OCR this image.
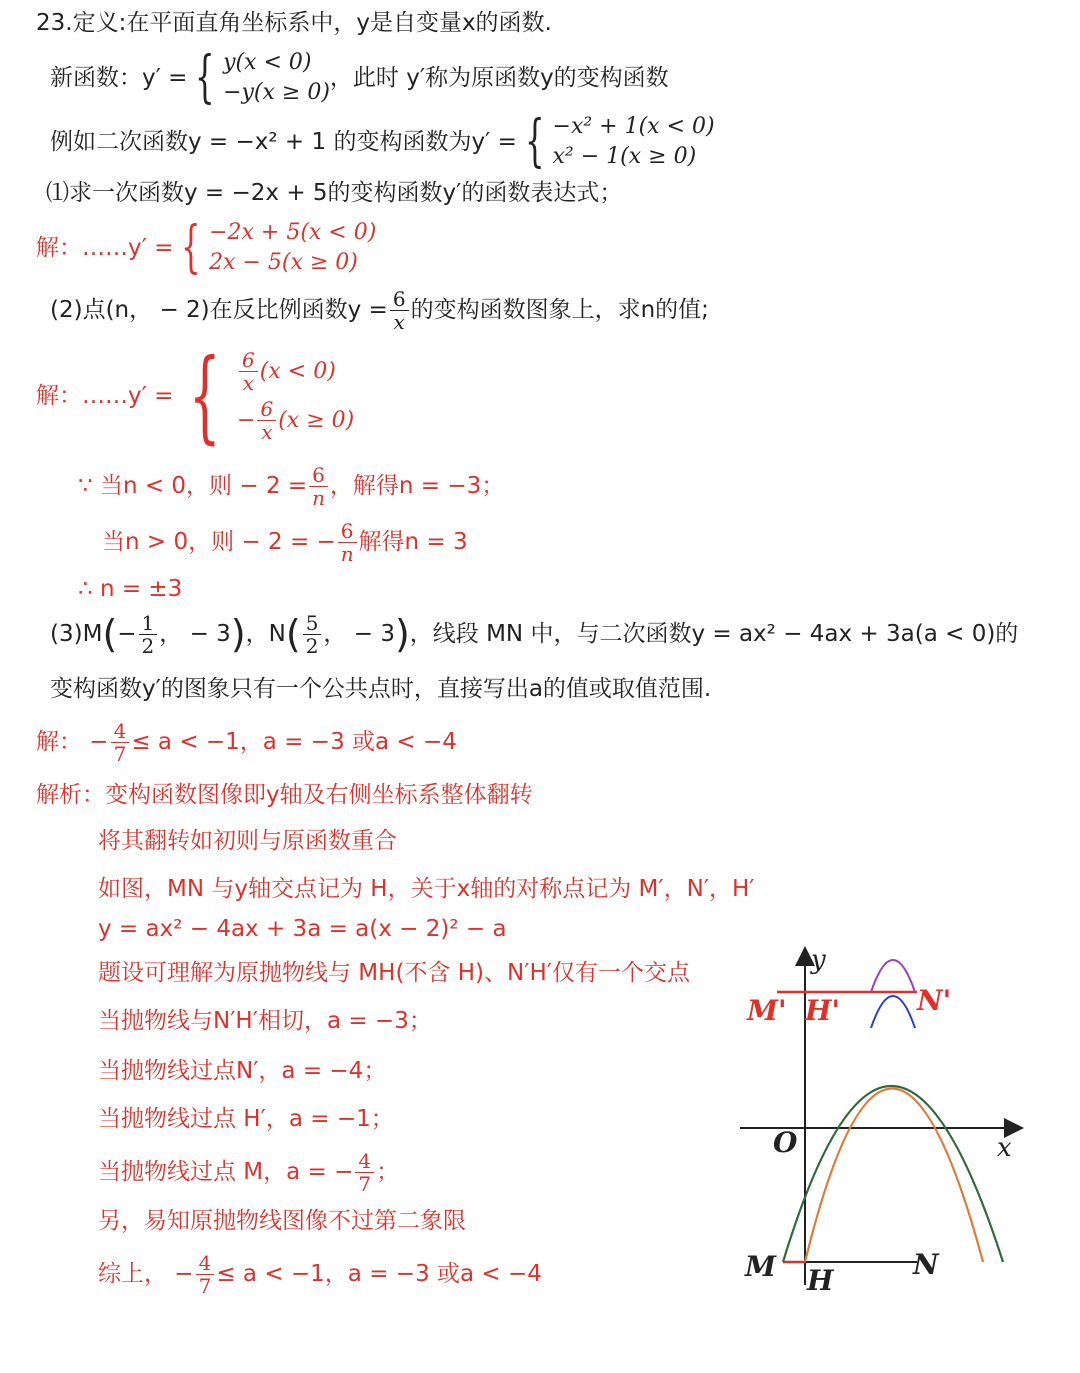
23.定义:在平面直角坐标系中，y是自变量x的函数.
新函数：y′ = { y(x < 0)
−y(x ≥ 0)
，此时 y′称为原函数y的变构函数
例如二次函数y = −x² + 1 的变构函数为y′ = { −x² + 1(x < 0)
x² − 1(x ≥ 0)
⑴求一次函数y = −2x + 5的变构函数y′的函数表达式；
解：……y′ = { −2x + 5(x < 0)
2x − 5(x ≥ 0)
(2)点(n， − 2)在反比例函数$y = \frac{6}{x}$ 的变构函数图象上，求n的值;
解：……y′ = { $\frac{6}{x} (x < 0)$
− $\frac{6}{x} (x \ge 0)$
∵ 当n < 0，则 − $2 = \frac{6}{n}$ ，解得n = −3；
当n > 0，则 − 2 = − $\frac{6}{n}$ 解得n = 3
∴ n = ±3
(3)M ( − $\frac{1}{2}$ ， − 3 ) ，N ( $\frac{5}{2}$ ， − 3 ) ，线段 MN 中，与二次函数y = ax² − 4ax + 3a(a < 0)的
变构函数y′的图象只有一个公共点时，直接写出a的值或取值范围.
解： − $\frac{4}{7} \le a < -1$，a = −3 或a < −4
解析：变构函数图像即y轴及右侧坐标系整体翻转
将其翻转如初则与原函数重合
如图，MN 与y轴交点记为 H，关于x轴的对称点记为 M′，N′，H′
y = ax² − 4ax + 3a = a(x − 2)² − a
题设可理解为原抛物线与 MH (不含 H) 、N′H′仅有一个交点
当抛物线与N′H′相切，a = −3；
当抛物线过点N′，a = −4；
当抛物线过点 H′，a = −1；
当抛物线过点 M，a = − $\frac{4}{7}$ ；
另，易知原抛物线图像不过第二象限
综上， − $\frac{4}{7} \le a < -1$，a = −3 或a < −4
y
x
O
M' H'	N'
M H	N
